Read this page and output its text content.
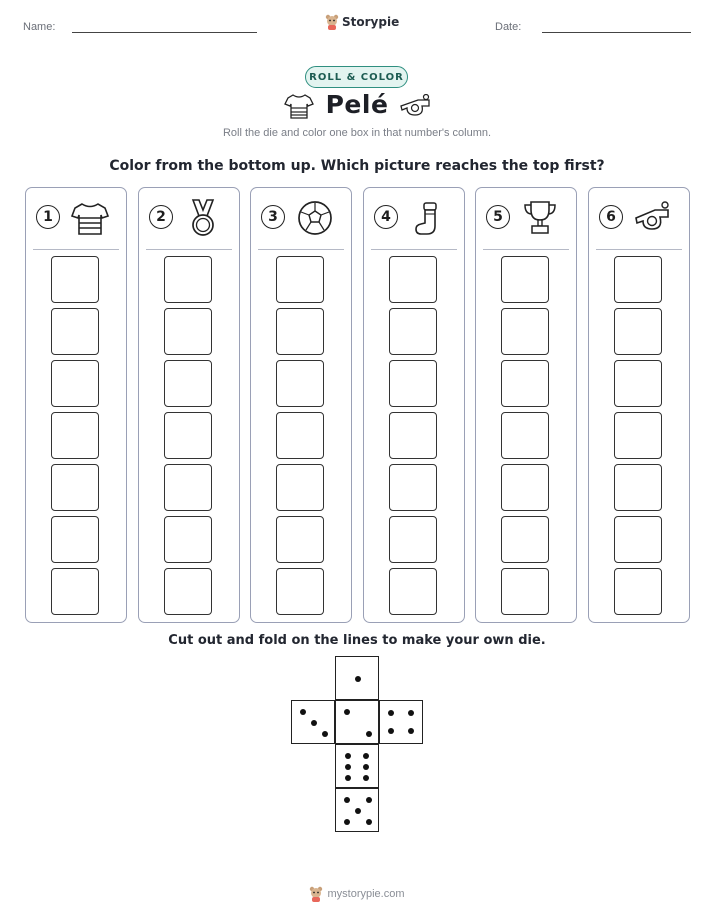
Name:	Storypie	Date:
ROLL & COLOR
Pelé
Roll the die and color one box in that number's column.
Color from the bottom up. Which picture reaches the top first?
1	2	3	4	5	6
Cut out and fold on the lines to make your own die.
mystorypie.com
